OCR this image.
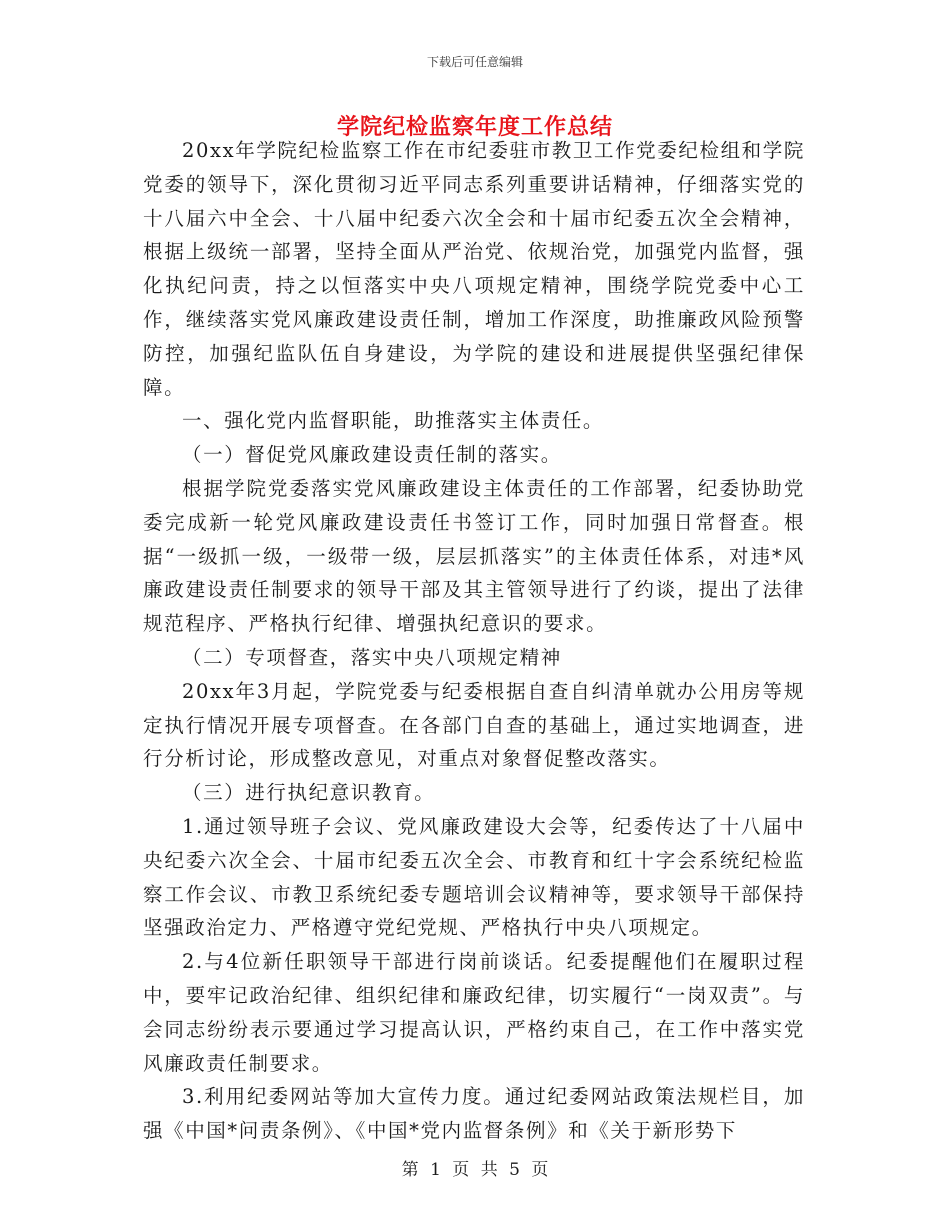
下载后可任意编辑
学院纪检监察年度工作总结

20xx年学院纪检监察工作在市纪委驻市教卫工作党委纪检组和学院党委的领导下，深化贯彻习近平同志系列重要讲话精神，仔细落实党的十八届六中全会、十八届中纪委六次全会和十届市纪委五次全会精神，根据上级统一部署，坚持全面从严治党、依规治党，加强党内监督，强化执纪问责，持之以恒落实中央八项规定精神，围绕学院党委中心工作，继续落实党风廉政建设责任制，增加工作深度，助推廉政风险预警防控，加强纪监队伍自身建设，为学院的建设和进展提供坚强纪律保障。

一、强化党内监督职能，助推落实主体责任。

（一）督促党风廉政建设责任制的落实。

根据学院党委落实党风廉政建设主体责任的工作部署，纪委协助党委完成新一轮党风廉政建设责任书签订工作，同时加强日常督查。根据“一级抓一级，一级带一级，层层抓落实”的主体责任体系，对违*风廉政建设责任制要求的领导干部及其主管领导进行了约谈，提出了法律规范程序、严格执行纪律、增强执纪意识的要求。

（二）专项督查，落实中央八项规定精神

20xx年3月起，学院党委与纪委根据自查自纠清单就办公用房等规定执行情况开展专项督查。在各部门自查的基础上，通过实地调查，进行分析讨论，形成整改意见，对重点对象督促整改落实。

（三）进行执纪意识教育。

1.通过领导班子会议、党风廉政建设大会等，纪委传达了十八届中央纪委六次全会、十届市纪委五次全会、市教育和红十字会系统纪检监察工作会议、市教卫系统纪委专题培训会议精神等，要求领导干部保持坚强政治定力、严格遵守党纪党规、严格执行中央八项规定。

2.与4位新任职领导干部进行岗前谈话。纪委提醒他们在履职过程中，要牢记政治纪律、组织纪律和廉政纪律，切实履行“一岗双责”。与会同志纷纷表示要通过学习提高认识，严格约束自己，在工作中落实党风廉政责任制要求。

3.利用纪委网站等加大宣传力度。通过纪委网站政策法规栏目，加强《中国*问责条例》、《中国*党内监督条例》和《关于新形势下

第 1 页 共 5 页
